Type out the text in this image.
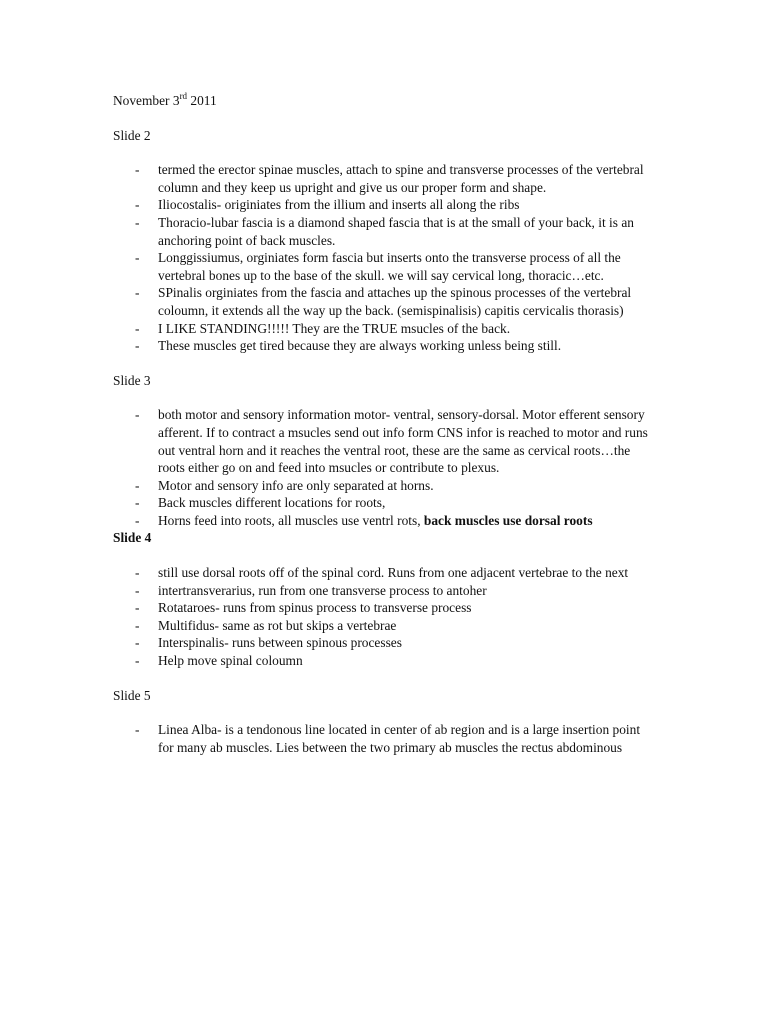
November 3rd 2011

Slide 2

- termed the erector spinae muscles, attach to spine and transverse processes of the vertebral column and they keep us upright and give us our proper form and shape.
- Iliocostalis- originiates from the illium and inserts all along the ribs
- Thoracio-lubar fascia is a diamond shaped fascia that is at the small of your back, it is an anchoring point of back muscles.
- Longgissiumus, orginiates form fascia but inserts onto the transverse process of all the vertebral bones up to the base of the skull. we will say cervical long, thoracic…etc.
- SPinalis orginiates from the fascia and attaches up the spinous processes of the vertebral coloumn, it extends all the way up the back. (semispinalisis) capitis cervicalis thorasis)
- I LIKE STANDING!!!!! They are the TRUE msucles of the back.
- These muscles get tired because they are always working unless being still.

Slide 3

- both motor and sensory information motor- ventral, sensory-dorsal. Motor efferent sensory afferent. If to contract a msucles send out info form CNS infor is reached to motor and runs out ventral horn and it reaches the ventral root, these are the same as cervical roots…the roots either go on and feed into msucles or contribute to plexus.
- Motor and sensory info are only separated at horns.
- Back muscles different locations for roots,
- Horns feed into roots, all muscles use ventrl rots, back muscles use dorsal roots

Slide 4

- still use dorsal roots off of the spinal cord. Runs from one adjacent vertebrae to the next
- intertransverarius, run from one transverse process to antoher
- Rotataroes- runs from spinus process to transverse process
- Multifidus- same as rot but skips a vertebrae
- Interspinalis- runs between spinous processes
- Help move spinal coloumn

Slide 5

- Linea Alba- is a tendonous line located in center of ab region and is a large insertion point for many ab muscles. Lies between the two primary ab muscles the rectus abdominous
